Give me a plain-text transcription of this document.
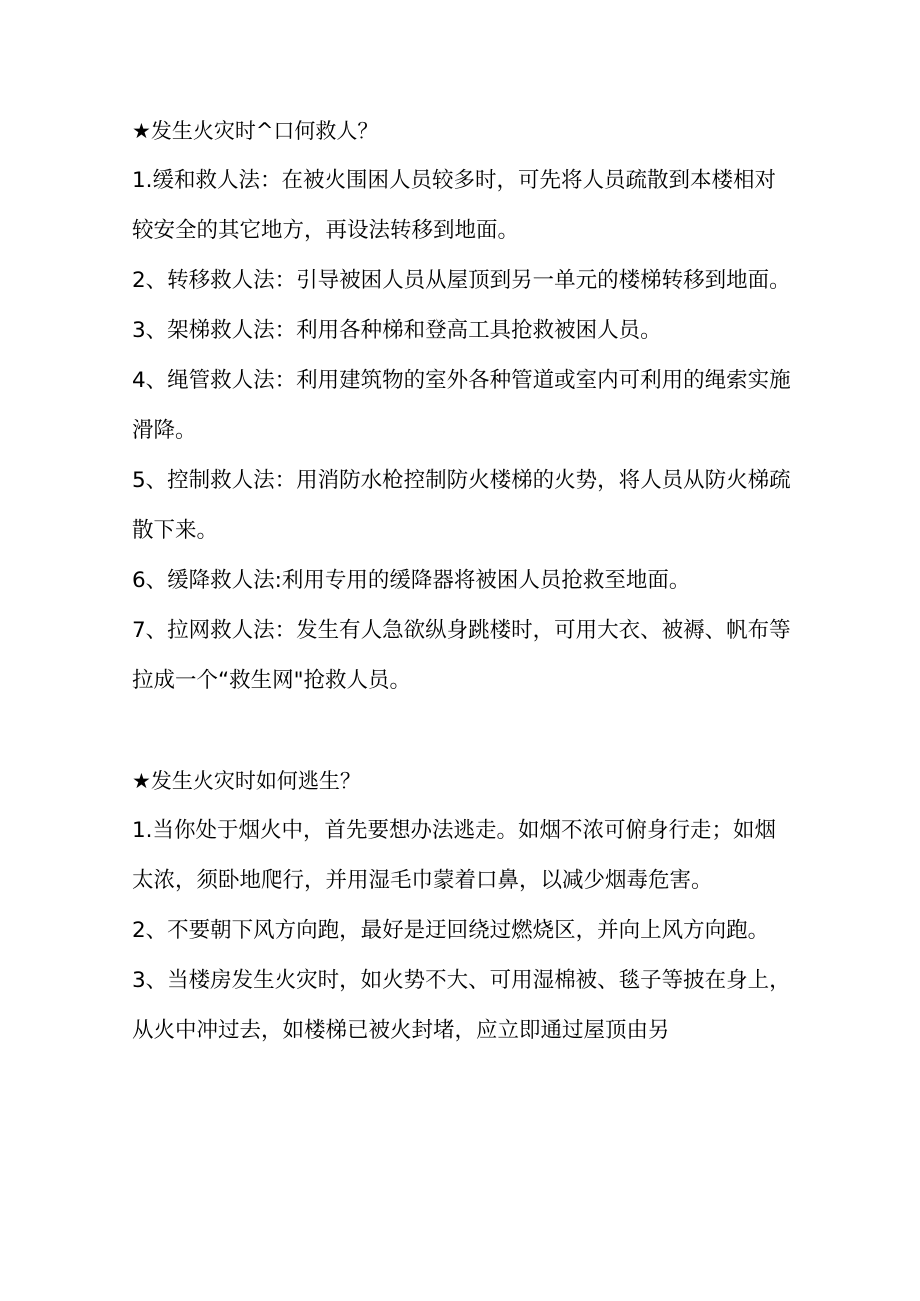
★发生火灾时^口何救人？

1.缓和救人法：在被火围困人员较多时，可先将人员疏散到本楼相对较安全的其它地方，再设法转移到地面。

2、转移救人法：引导被困人员从屋顶到另一单元的楼梯转移到地面。

3、架梯救人法：利用各种梯和登高工具抢救被困人员。

4、绳管救人法：利用建筑物的室外各种管道或室内可利用的绳索实施滑降。

5、控制救人法：用消防水枪控制防火楼梯的火势，将人员从防火梯疏散下来。

6、缓降救人法:利用专用的缓降器将被困人员抢救至地面。

7、拉网救人法：发生有人急欲纵身跳楼时，可用大衣、被褥、帆布等拉成一个“救生网"抢救人员。

★发生火灾时如何逃生？

1.当你处于烟火中，首先要想办法逃走。如烟不浓可俯身行走；如烟太浓，须卧地爬行，并用湿毛巾蒙着口鼻，以减少烟毒危害。

2、不要朝下风方向跑，最好是迂回绕过燃烧区，并向上风方向跑。

3、当楼房发生火灾时，如火势不大、可用湿棉被、毯子等披在身上，从火中冲过去，如楼梯已被火封堵，应立即通过屋顶由另
